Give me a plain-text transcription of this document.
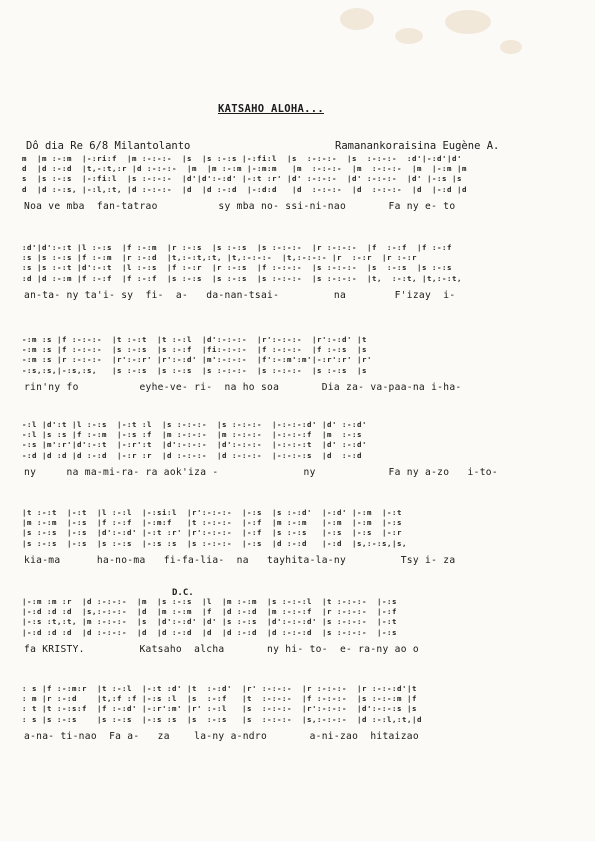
KATSAHO ALOHA...
Dô dia Re 6/8 Milantolanto	Ramanankoraisina Eugène A.
m  |m :-:m  |-:ri:f  |m :-:-:-  |s  |s :-:s |-:fi:l  |s  :-:-:-  |s  :-:-:-  :d'|-:d'|d'
d  |d :-:d  |t,-:t,:r |d :-:-:-  |m  |m :-:m |-:m:m   |m  :-:-:-  |m  :-:-:-  |m  |-:m |m
s  |s :-:s  |-:fi:l  |s :-:-:-  |d'|d':-:d' |-:t :r' |d' :-:-:-  |d' :-:-:-  |d' |-:s |s
d  |d :-:s, |-:l,:t, |d :-:-:-  |d  |d :-:d  |-:d:d   |d  :-:-:-  |d  :-:-:-  |d  |-:d |d
Noa ve mba  fan-tatrao          sy mba no- ssi-ni-nao       Fa ny e- to
:d'|d':-:t |l :-:s  |f :-:m  |r :-:s  |s :-:s  |s :-:-:-  |r :-:-:-  |f  :-:f  |f :-:f
:s |s :-:s |f :-:m  |r :-:d  |t,:-:t,:t, |t,:-:-:-  |t,:-:-:- |r  :-:r  |r :-:r
:s |s :-:t |d':-:t  |l :-:s  |f :-:r  |r :-:s  |f :-:-:-  |s :-:-:-  |s  :-:s  |s :-:s
:d |d :-:m |f :-:f  |f :-:f  |s :-:s  |s :-:s  |s :-:-:-  |s :-:-:-  |t,  :-:t, |t,:-:t,
an-ta- ny ta'i- sy  fi-  a-   da-nan-tsai-         na        F'izay  i-
-:m :s |f :-:-:-  |t :-:t  |t :-:l  |d':-:-:-  |r':-:-:-  |r':-:d' |t
-:m :s |f :-:-:-  |s :-:s  |s :-:f  |fi:-:-:-  |f :-:-:-  |f :-:s  |s
-:m :s |r :-:-:-  |r':-:r' |r':-:d' |m':-:-:-  |f':-:m':m'|-:r':r' |r'
-:s,:s,|-:s,:s,   |s :-:s  |s :-:s  |s :-:-:-  |s :-:-:-  |s :-:s  |s
rin'ny fo          eyhe-ve- ri-  na ho soa       Dia za- va-paa-na i-ha-
-:l |d':t |l :-:s  |-:t :l  |s :-:-:-  |s :-:-:-  |-:-:-:d' |d' :-:d'
-:l |s :s |f :-:m  |-:s :f  |m :-:-:-  |m :-:-:-  |-:-:-:f  |m  :-:s
-:s |m':r'|d':-:t  |-:r':t  |d':-:-:-  |d':-:-:-  |-:-:-:t  |d' :-:d'
-:d |d :d |d :-:d  |-:r :r  |d :-:-:-  |d :-:-:-  |-:-:-:s  |d  :-:d
ny     na ma-mi-ra- ra aok'iza -              ny            Fa ny a-zo   i-to-
|t :-:t  |-:t  |l :-:l  |-:si:l  |r':-:-:-  |-:s  |s :-:d'  |-:d' |-:m  |-:t
|m :-:m  |-:s  |f :-:f  |-:m:f   |t :-:-:-  |-:f  |m :-:m   |-:m  |-:m  |-:s
|s :-:s  |-:s  |d':-:d' |-:t :r' |r':-:-:-  |-:f  |s :-:s   |-:s  |-:s  |-:r
|s :-:s  |-:s  |s :-:s  |-:s :s  |s :-:-:-  |-:s  |d :-:d   |-:d  |s,:-:s,|s,
kia-ma      ha-no-ma   fi-fa-lia-  na   tayhita-la-ny         Tsy i- za
D.C.
|-:m :m :r  |d :-:-:-  |m  |s :-:s  |l  |m :-:m  |s :-:-:l  |t :-:-:-  |-:s
|-:d :d :d  |s,:-:-:-  |d  |m :-:m  |f  |d :-:d  |m :-:-:f  |r :-:-:-  |-:f
|-:s :t,:t, |m :-:-:-  |s  |d':-:d' |d' |s :-:s  |d':-:-:d' |s :-:-:-  |-:t
|-:d :d :d  |d :-:-:-  |d  |d :-:d  |d  |d :-:d  |d :-:-:d  |s :-:-:-  |-:s
fa KRISTY.         Katsaho  alcha       ny hi- to-  e- ra-ny ao o
: s |f :-:m:r  |t :-:l  |-:t :d' |t  :-:d'  |r' :-:-:-  |r :-:-:-  |r :-:-:d'|t
: m |r :-:d    |t,:f :f |-:s :l  |s  :-:f   |t  :-:-:-  |f :-:-:-  |s :-:-:m |f
: t |t :-:s:f  |f :-:d' |-:r':m' |r' :-:l   |s  :-:-:-  |r':-:-:-  |d':-:-:s |s
: s |s :-:s    |s :-:s  |-:s :s  |s  :-:s   |s  :-:-:-  |s,:-:-:-  |d :-:l,:t,|d
a-na- ti-nao  Fa a-   za    la-ny a-ndro       a-ni-zao  hitaizao
